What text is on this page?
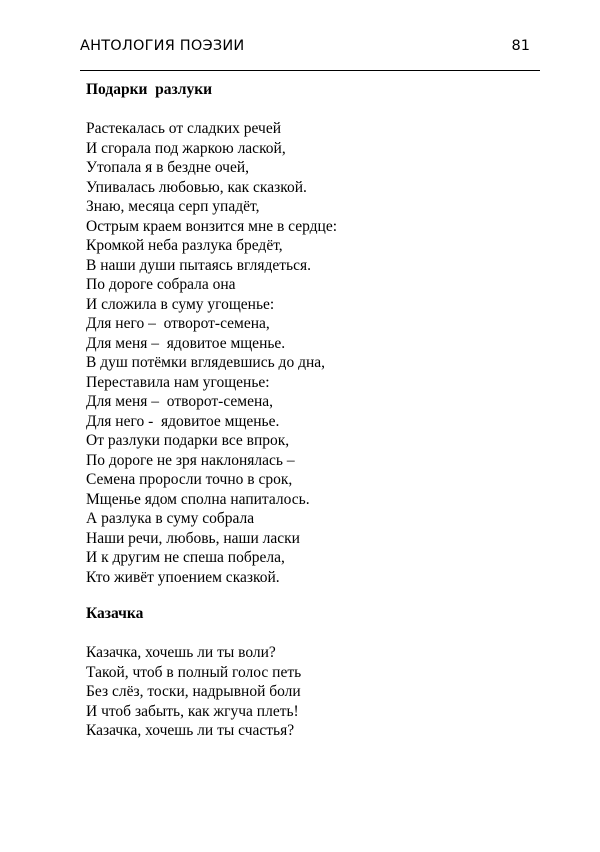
АНТОЛОГИЯ ПОЭЗИИ	81
Подарки  разлуки
Растекалась от сладких речей
И сгорала под жаркою лаской,
Утопала я в бездне очей,
Упивалась любовью, как сказкой.
Знаю, месяца серп упадёт,
Острым краем вонзится мне в сердце:
Кромкой неба разлука бредёт,
В наши души пытаясь вглядеться.
По дороге собрала она
И сложила в суму угощенье:
Для него –  отворот-семена,
Для меня –  ядовитое мщенье.
В душ потёмки вглядевшись до дна,
Переставила нам угощенье:
Для меня –  отворот-семена,
Для него -  ядовитое мщенье.
От разлуки подарки все впрок,
По дороге не зря наклонялась –
Семена проросли точно в срок,
Мщенье ядом сполна напиталось.
А разлука в суму собрала
Наши речи, любовь, наши ласки
И к другим не спеша побрела,
Кто живёт упоением сказкой.
Казачка
Казачка, хочешь ли ты воли?
Такой, чтоб в полный голос петь
Без слёз, тоски, надрывной боли
И чтоб забыть, как жгуча плеть!
Казачка, хочешь ли ты счастья?
